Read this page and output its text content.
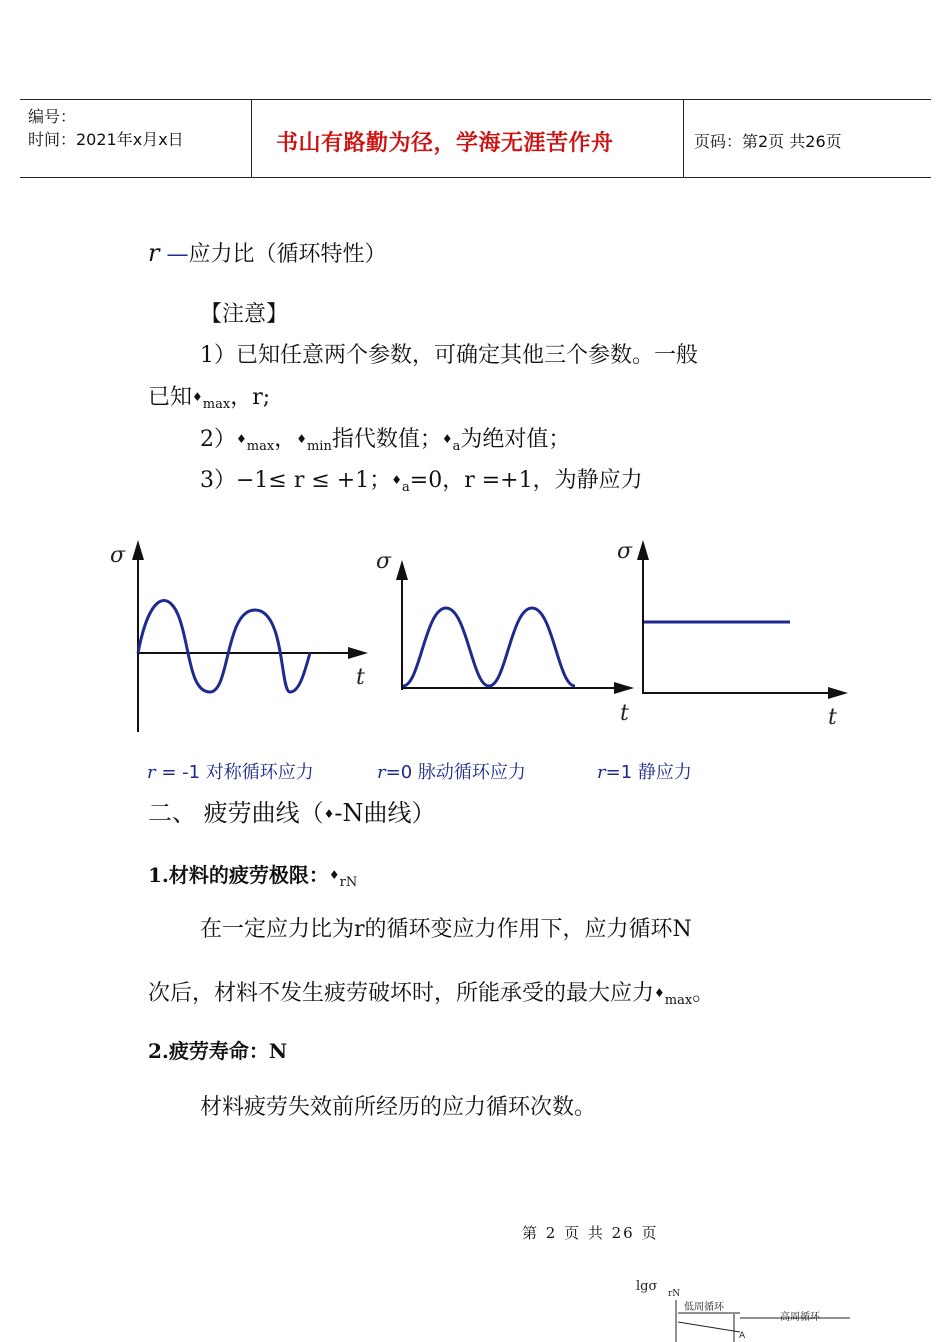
编号：
时间：2021年x月x日	书山有路勤为径，学海无涯苦作舟	页码：第2页 共26页
r —应力比（循环特性）
【注意】
1）已知任意两个参数，可确定其他三个参数。一般
已知$♦_{max}$，r;
$2)♦_{max}$，$♦_{min}$指代数值；$♦_a$为绝对值；
3）−1≤ r ≤ +1；$♦_a=0$，r =+1，为静应力
σ
t
σ
t
σ
t
r = -1 对称循环应力	r=0 脉动循环应力	r=1 静应力
二、 疲劳曲线（♦-N曲线）
1.材料的疲劳极限：$♦_{rN}$
在一定应力比为r的循环变应力作用下，应力循环N
次后，材料不发生疲劳破坏时，所能承受的最大应力$♦_{max}$。
2.疲劳寿命：N
材料疲劳失效前所经历的应力循环次数。
第 2 页 共 26 页
lgσ rN
低周循环
高周循环
A
